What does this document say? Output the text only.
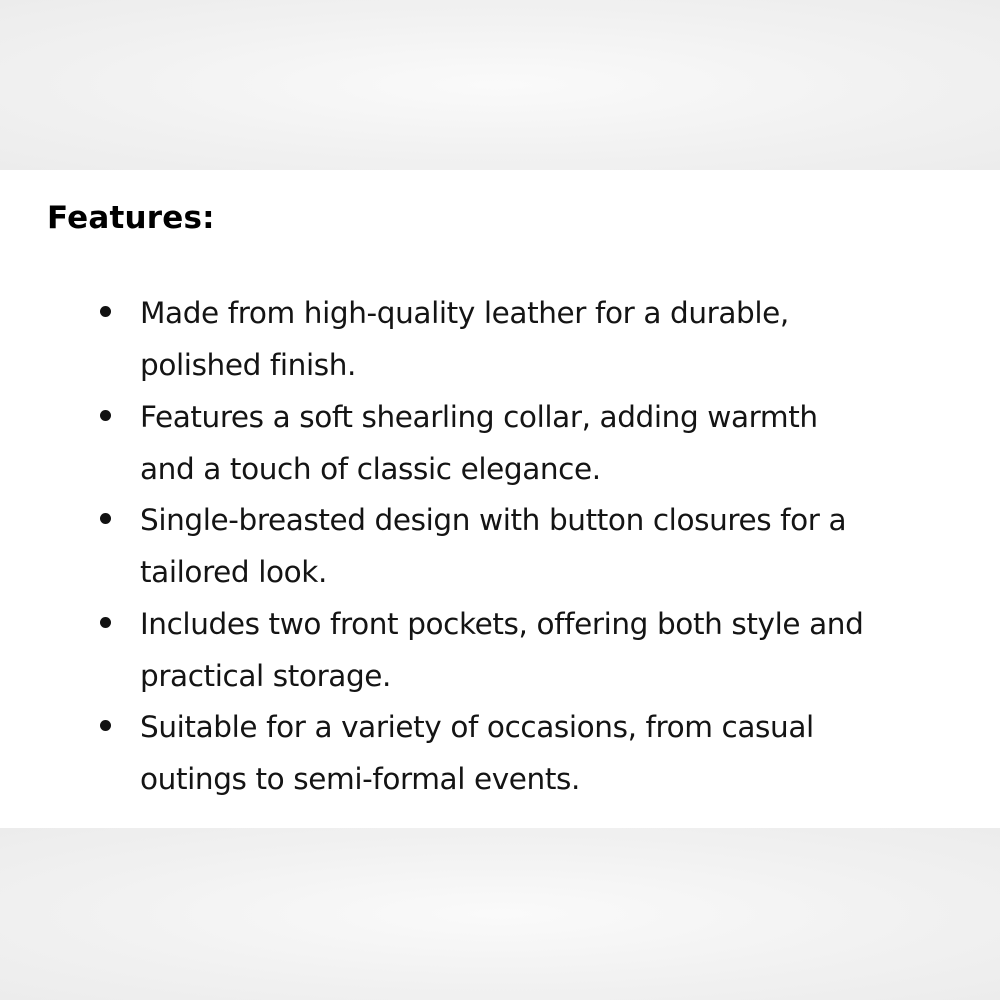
Features:
Made from high-quality leather for a durable,
polished finish.
Features a soft shearling collar, adding warmth
and a touch of classic elegance.
Single-breasted design with button closures for a
tailored look.
Includes two front pockets, offering both style and
practical storage.
Suitable for a variety of occasions, from casual
outings to semi-formal events.
